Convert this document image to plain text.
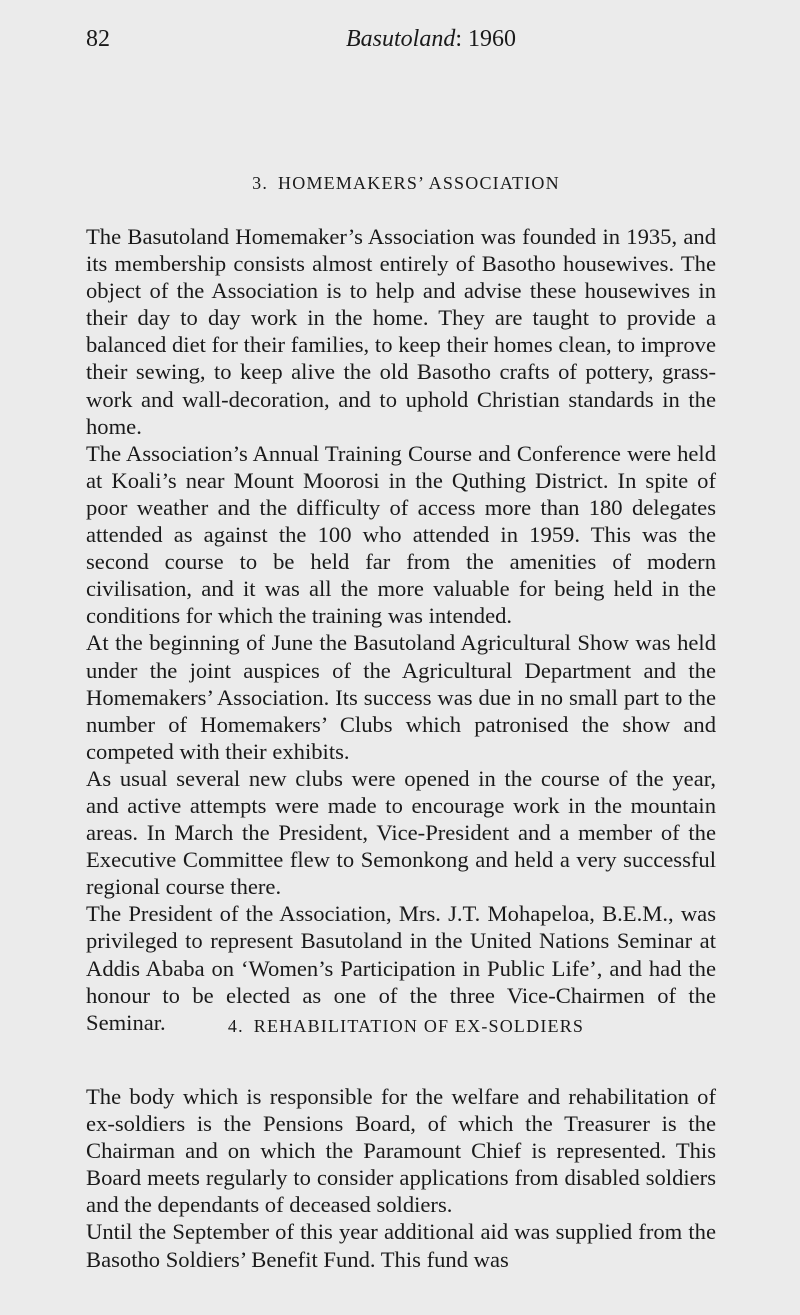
82	Basutoland: 1960
3. HOMEMAKERS’ ASSOCIATION

The Basutoland Homemaker’s Association was founded in 1935, and its membership consists almost entirely of Basotho housewives. The object of the Association is to help and advise these housewives in their day to day work in the home. They are taught to provide a balanced diet for their families, to keep their homes clean, to improve their sewing, to keep alive the old Basotho crafts of pottery, grass-work and wall-decoration, and to uphold Christian standards in the home.

The Association’s Annual Training Course and Conference were held at Koali’s near Mount Moorosi in the Quthing District. In spite of poor weather and the difficulty of access more than 180 delegates attended as against the 100 who attended in 1959. This was the second course to be held far from the amenities of modern civilisation, and it was all the more valuable for being held in the conditions for which the training was intended.

At the beginning of June the Basutoland Agricultural Show was held under the joint auspices of the Agricultural Department and the Homemakers’ Association. Its success was due in no small part to the number of Homemakers’ Clubs which patronised the show and competed with their exhibits.

As usual several new clubs were opened in the course of the year, and active attempts were made to encourage work in the mountain areas. In March the President, Vice-President and a member of the Executive Committee flew to Semonkong and held a very successful regional course there.

The President of the Association, Mrs. J.T. Mohapeloa, B.E.M., was privileged to represent Basutoland in the United Nations Seminar at Addis Ababa on ‘Women’s Participation in Public Life’, and had the honour to be elected as one of the three Vice-Chairmen of the Seminar.	4. REHABILITATION OF EX-SOLDIERS

The body which is responsible for the welfare and rehabilitation of ex-soldiers is the Pensions Board, of which the Treasurer is the Chairman and on which the Paramount Chief is represented. This Board meets regularly to consider applications from disabled soldiers and the dependants of deceased soldiers.

Until the September of this year additional aid was supplied from the Basotho Soldiers’ Benefit Fund. This fund was
